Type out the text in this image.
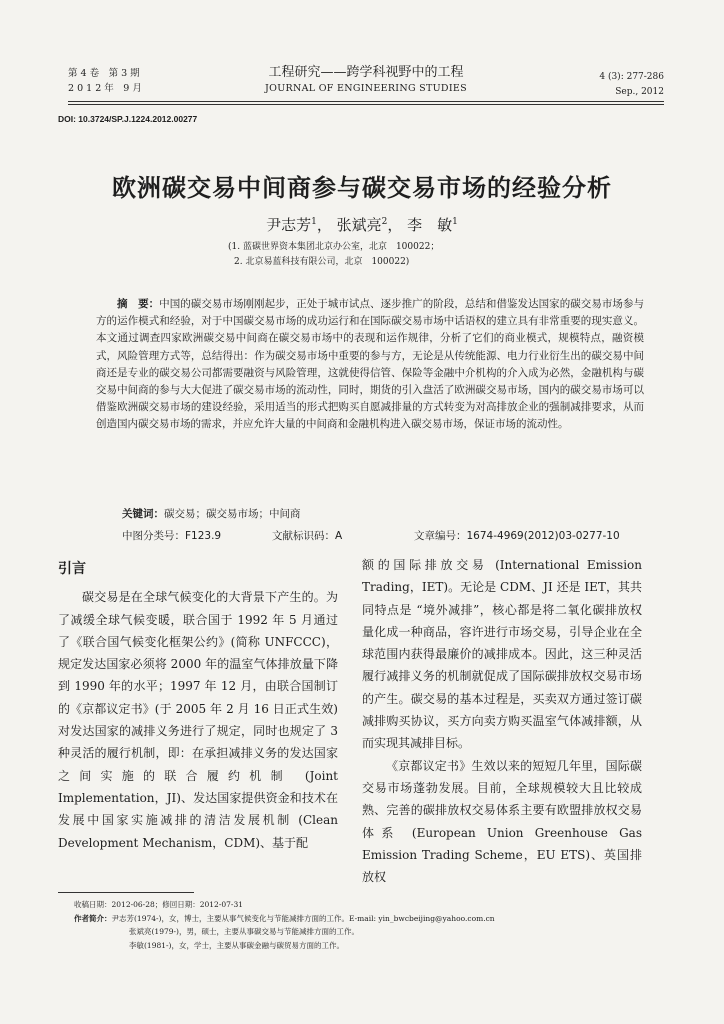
第 4 卷　第 3 期
2 0 1 2 年　9 月
工程研究——跨学科视野中的工程
JOURNAL OF ENGINEERING STUDIES
4 (3): 277-286
Sep., 2012
DOI: 10.3724/SP.J.1224.2012.00277
欧洲碳交易中间商参与碳交易市场的经验分析
尹志芳$^1$， 张斌亮$^2$， 李　敏$^1$
(1. 蓝碳世界资本集团北京办公室，北京　100022；
2. 北京易蓝科技有限公司，北京　100022)
摘　要：中国的碳交易市场刚刚起步，正处于城市试点、逐步推广的阶段，总结和借鉴发达国家的碳交易市场参与方的运作模式和经验，对于中国碳交易市场的成功运行和在国际碳交易市场中话语权的建立具有非常重要的现实意义。本文通过调查四家欧洲碳交易中间商在碳交易市场中的表现和运作规律，分析了它们的商业模式，规模特点，融资模式，风险管理方式等，总结得出：作为碳交易市场中重要的参与方，无论是从传统能源、电力行业衍生出的碳交易中间商还是专业的碳交易公司都需要融资与风险管理，这就使得信管、保险等金融中介机构的介入成为必然，金融机构与碳交易中间商的参与大大促进了碳交易市场的流动性，同时，期货的引入盘活了欧洲碳交易市场，国内的碳交易市场可以借鉴欧洲碳交易市场的建设经验，采用适当的形式把购买自愿减排量的方式转变为对高排放企业的强制减排要求，从而创造国内碳交易市场的需求，并应允许大量的中间商和金融机构进入碳交易市场，保证市场的流动性。
关键词：碳交易；碳交易市场；中间商
中图分类号：F123.9	文献标识码：A	文章编号：1674-4969(2012)03-0277-10
引言

碳交易是在全球气候变化的大背景下产生的。为了减缓全球气候变暖，联合国于 1992 年 5 月通过了《联合国气候变化框架公约》(简称 UNFCCC)，规定发达国家必须将 2000 年的温室气体排放量下降到 1990 年的水平；1997 年 12 月，由联合国制订的《京都议定书》(于 2005 年 2 月 16 日正式生效) 对发达国家的减排义务进行了规定，同时也规定了 3 种灵活的履行机制，即：在承担减排义务的发达国家之间实施的联合履约机制 (Joint Implementation，JI)、发达国家提供资金和技术在发展中国家实施减排的清洁发展机制 (Clean Development Mechanism，CDM)、基于配

额的国际排放交易 (International Emission Trading，IET)。无论是 CDM、JI 还是 IET，其共同特点是 “境外减排”，核心都是将二氧化碳排放权量化成一种商品，容许进行市场交易，引导企业在全球范围内获得最廉价的减排成本。因此，这三种灵活履行减排义务的机制就促成了国际碳排放权交易市场的产生。碳交易的基本过程是，买卖双方通过签订碳减排购买协议，买方向卖方购买温室气体减排额，从而实现其减排目标。

《京都议定书》生效以来的短短几年里，国际碳交易市场蓬勃发展。目前，全球规模较大且比较成熟、完善的碳排放权交易体系主要有欧盟排放权交易体系 (European Union Greenhouse Gas Emission Trading Scheme，EU ETS)、英国排放权

收稿日期：2012-06-28；修回日期：2012-07-31
作者简介：尹志芳(1974-)，女，博士，主要从事气候变化与节能减排方面的工作。E-mail: yin_bwcbeijing@yahoo.com.cn
张斌亮(1979-)，男，硕士，主要从事碳交易与节能减排方面的工作。
李敏(1981-)，女，学士，主要从事碳金融与碳贸易方面的工作。
